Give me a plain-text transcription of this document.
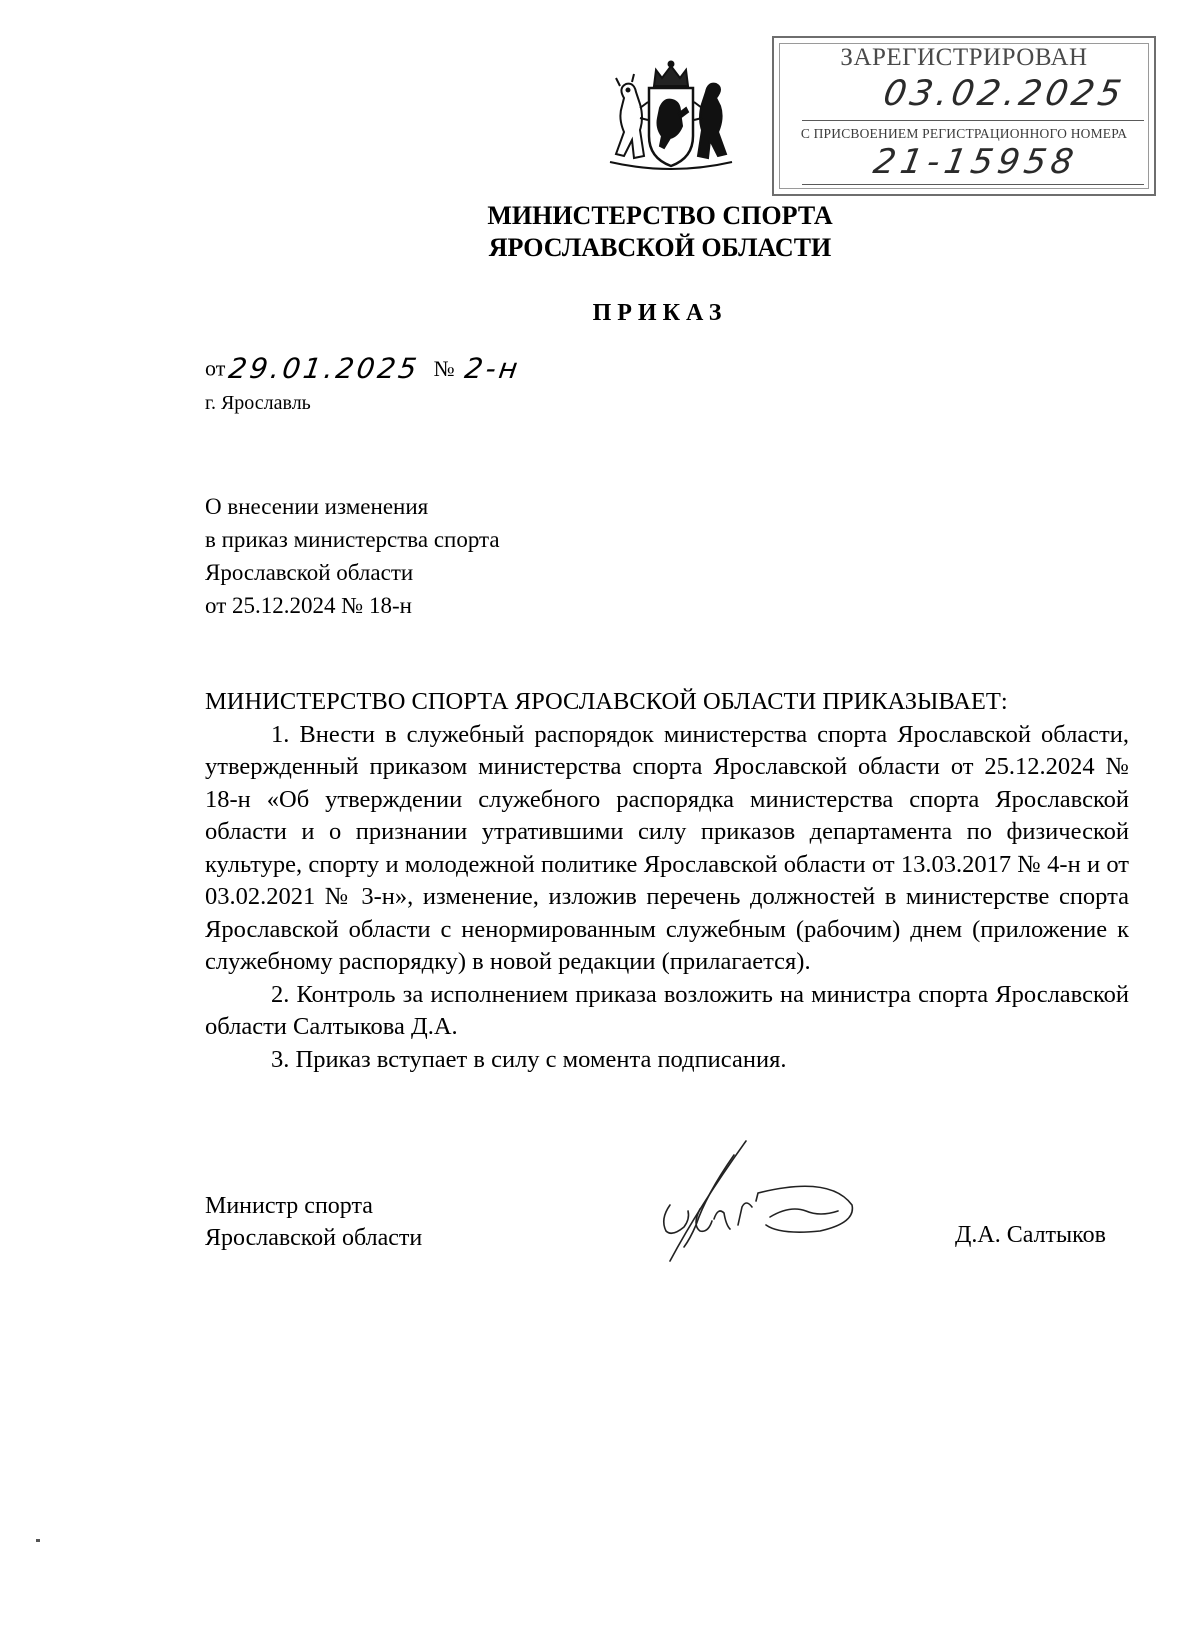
ЗАРЕГИСТРИРОВАН
03.02.2025
С ПРИСВОЕНИЕМ РЕГИСТРАЦИОННОГО НОМЕРА
21-15958
МИНИСТЕРСТВО СПОРТА
ЯРОСЛАВСКОЙ ОБЛАСТИ
ПРИКАЗ
от 29.01.2025 № 2-н
г. Ярославль
О внесении изменения
в приказ министерства спорта
Ярославской области
от 25.12.2024 № 18-н

МИНИСТЕРСТВО СПОРТА ЯРОСЛАВСКОЙ ОБЛАСТИ ПРИКАЗЫВАЕТ:

1. Внести в служебный распорядок министерства спорта Ярославской области, утвержденный приказом министерства спорта Ярославской области от 25.12.2024 № 18-н «Об утверждении служебного распорядка министерства спорта Ярославской области и о признании утратившими силу приказов департамента по физической культуре, спорту и молодежной политике Ярославской области от 13.03.2017 № 4-н и от 03.02.2021 № 3-н», изменение, изложив перечень должностей в министерстве спорта Ярославской области с ненормированным служебным (рабочим) днем (приложение к служебному распорядку) в новой редакции (прилагается).

2. Контроль за исполнением приказа возложить на министра спорта Ярославской области Салтыкова Д.А.

3. Приказ вступает в силу с момента подписания.

Министр спорта
Ярославской области	Д.А. Салтыков
